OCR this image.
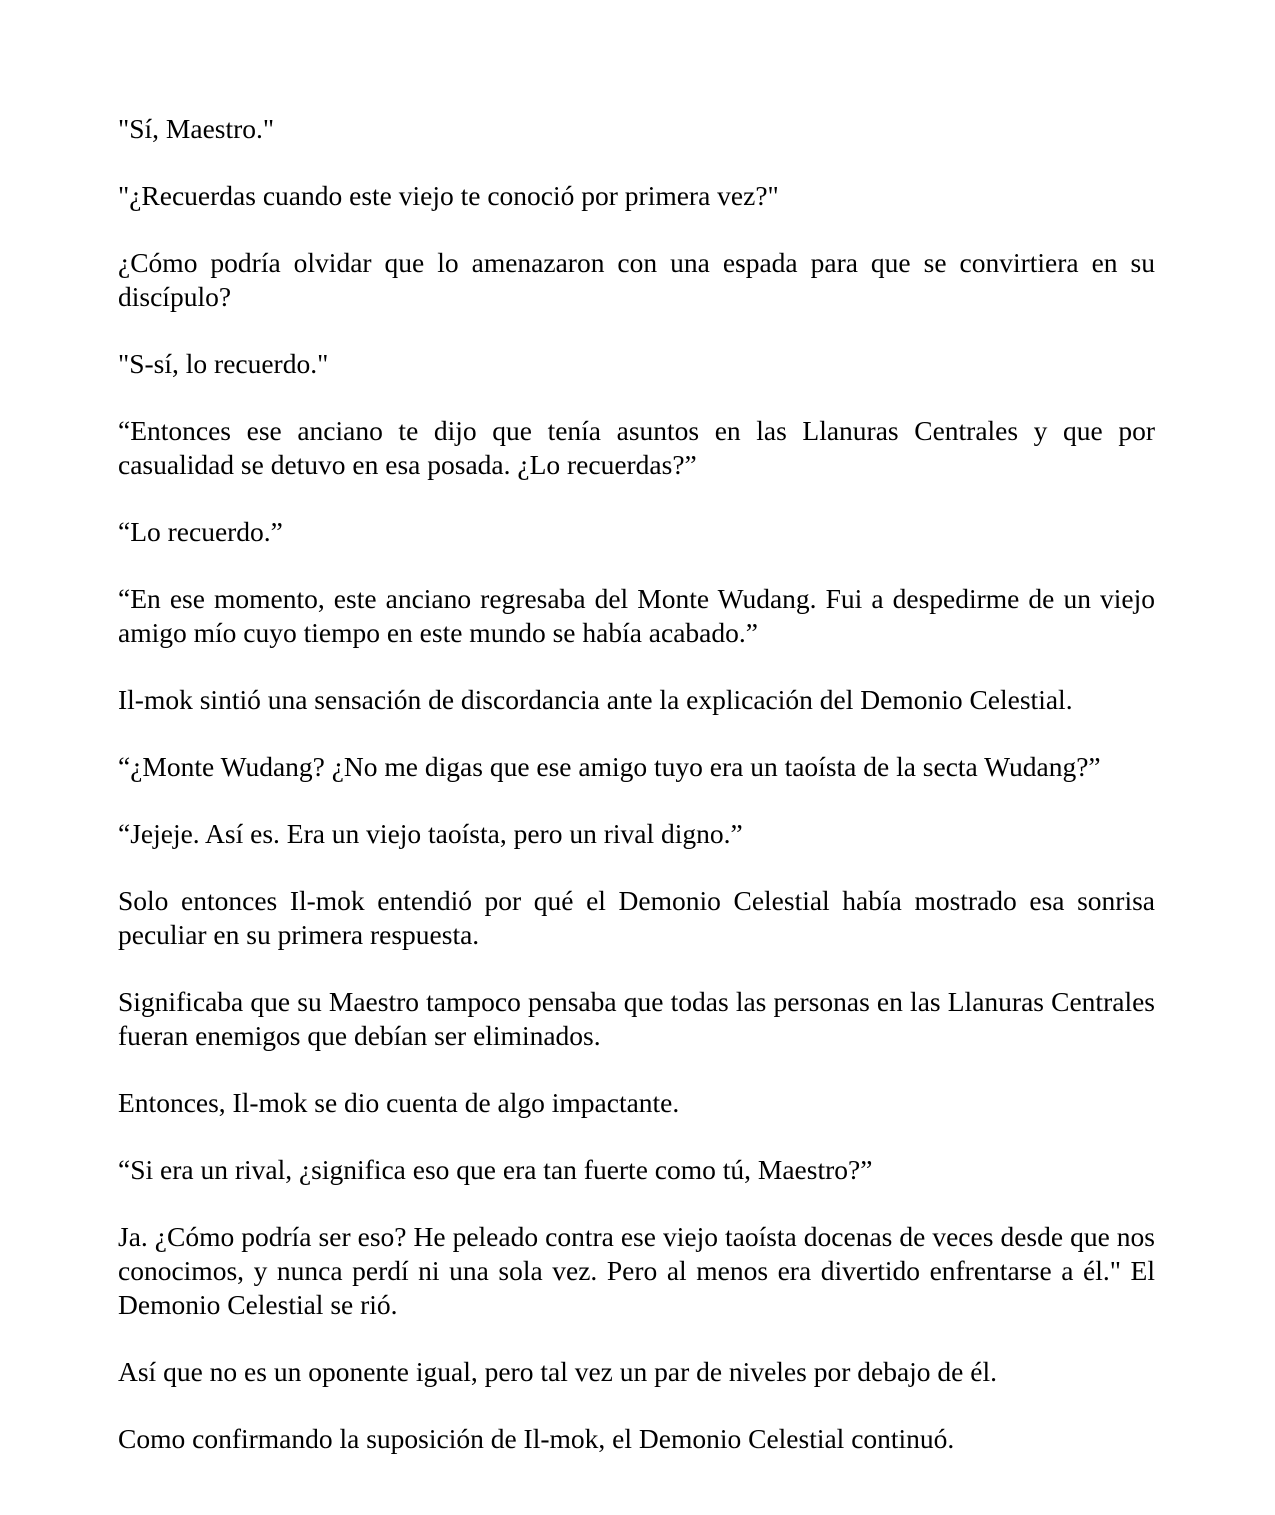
"Sí, Maestro."

"¿Recuerdas cuando este viejo te conoció por primera vez?"

¿Cómo podría olvidar que lo amenazaron con una espada para que se convirtiera en su discípulo?

"S-sí, lo recuerdo."

“Entonces ese anciano te dijo que tenía asuntos en las Llanuras Centrales y que por casualidad se detuvo en esa posada. ¿Lo recuerdas?”

“Lo recuerdo.”

“En ese momento, este anciano regresaba del Monte Wudang. Fui a despedirme de un viejo amigo mío cuyo tiempo en este mundo se había acabado.”

Il-mok sintió una sensación de discordancia ante la explicación del Demonio Celestial.

“¿Monte Wudang? ¿No me digas que ese amigo tuyo era un taoísta de la secta Wudang?”

“Jejeje. Así es. Era un viejo taoísta, pero un rival digno.”

Solo entonces Il-mok entendió por qué el Demonio Celestial había mostrado esa sonrisa peculiar en su primera respuesta.

Significaba que su Maestro tampoco pensaba que todas las personas en las Llanuras Centrales fueran enemigos que debían ser eliminados.

Entonces, Il-mok se dio cuenta de algo impactante.

“Si era un rival, ¿significa eso que era tan fuerte como tú, Maestro?”

Ja. ¿Cómo podría ser eso? He peleado contra ese viejo taoísta docenas de veces desde que nos conocimos, y nunca perdí ni una sola vez. Pero al menos era divertido enfrentarse a él." El Demonio Celestial se rió.

Así que no es un oponente igual, pero tal vez un par de niveles por debajo de él.

Como confirmando la suposición de Il-mok, el Demonio Celestial continuó.
